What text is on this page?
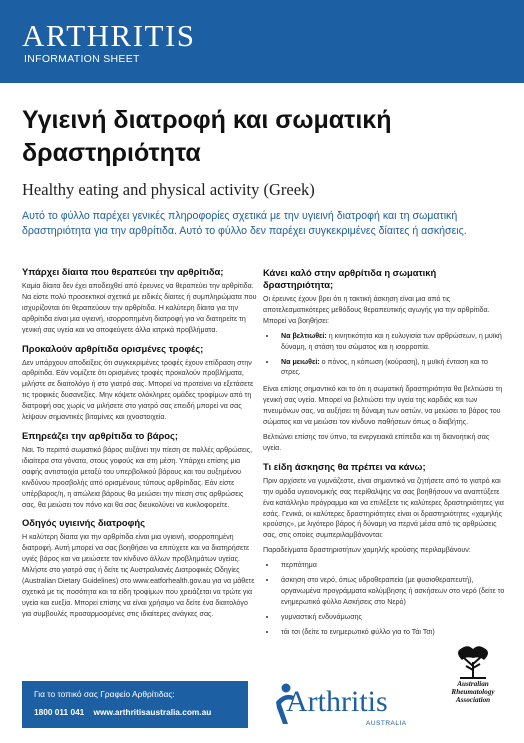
ARTHRITIS
INFORMATION SHEET
Υγιεινή διατροφή και σωματική δραστηριότητα
Healthy eating and physical activity (Greek)
Αυτό το φύλλο παρέχει γενικές πληροφορίες σχετικά με την υγιεινή διατροφή και τη σωματική δραστηριότητα για την αρθρίτιδα. Αυτό το φύλλο δεν παρέχει συγκεκριμένες δίαιτες ή ασκήσεις.
Υπάρχει δίαιτα που θεραπεύει την αρθρίτιδα;
Καμία δίαιτα δεν έχει αποδειχθεί από έρευνες να θεραπεύει την αρθρίτιδα. Να είστε πολύ προσεκτικοί σχετικά με ειδικές δίαιτες ή συμπληρώματα που ισχυρίζονται ότι θεραπεύουν την αρθρίτιδα. Η καλύτερη δίαιτα για την αρθρίτιδα είναι μια υγιεινή, ισορροπημένη διατροφή για να διατηρείτε τη γενική σας υγεία και να αποφεύγετε άλλα ιατρικά προβλήματα.
Προκαλούν αρθρίτιδα ορισμένες τροφές;
Δεν υπάρχουν αποδείξεις ότι συγκεκριμένες τροφές έχουν επίδραση στην αρθρίτιδα. Εάν νομίζετε ότι ορισμένες τροφές προκαλούν προβλήματα, μιλήστε σε διαιτολόγο ή στο γιατρό σας. Μπορεί να προτείνει να εξετάσετε τις τροφικές δυσανεξίες. Μην κόψετε ολόκληρες ομάδες τροφίμων από τη διατροφή σας χωρίς να μιλήσετε στο γιατρό σας επειδή μπορεί να σας λείψουν σημαντικές βιταμίνες και ιχνοστοιχεία.
Επηρεάζει την αρθρίτιδα το βάρος;
Ναι. Το περιττό σωματικό βάρος αυξάνει την πίεση σε πολλές αρθρώσεις, ιδιαίτερα στα γόνατα, στους γοφούς και στη μέση. Υπάρχει επίσης μια σαφής αντιστοιχία μεταξύ του υπερβολικού βάρους και του αυξημένου κινδύνου προσβολής από ορισμένους τύπους αρθρίτιδας. Εάν είστε υπέρβαρος/η, η απώλεια βάρους θα μειώσει την πίεση στις αρθρώσεις σας, θα μειώσει τον πόνο και θα σας διευκολύνει να κυκλοφορείτε.
Οδηγός υγιεινής διατροφής
Η καλύτερη δίαιτα για την αρθρίτιδα είναι μια υγιεινή, ισορροπημένη διατροφή. Αυτή μπορεί να σας βοηθήσει να επιτύχετε και να διατηρήσετε υγιές βάρος και να μειώσετε τον κίνδυνο άλλων προβλημάτων υγείας. Μιλήστε στο γιατρό σας ή δείτε τις Αυστραλιανές Διατροφικές Οδηγίες (Australian Dietary Guidelines) στο www.eatforhealth.gov.au για να μάθετε σχετικά με τις ποσότητα και τα είδη τροφίμων που χρειάζεται να τρώτε για υγεία και ευεξία. Μπορεί επίσης να είναι χρήσιμο να δείτε ένα διαιτολόγο για συμβουλές προσαρμοσμένες στις ιδιαίτερες ανάγκες σας.
Κάνει καλό στην αρθρίτιδα η σωματική δραστηριότητα;
Οι έρευνες έχουν βρει ότι η τακτική άσκηση είναι μια από τις αποτελεσματικότερες μεθόδους θεραπευτικής αγωγής για την αρθρίτιδα. Μπορεί να βοηθήσει:
• Να βελτιωθεί: η κινητικότητα και η ευλυγισία των αρθρώσεων, η μυϊκή δύναμη, η στάση του σώματος και η ισορροπία.
• Να μειωθεί: ο πόνος, η κόπωση (κούραση), η μυϊκή ένταση και το στρες.
Είναι επίσης σημαντικό και το ότι η σωματική δραστηριότητα θα βελτιώσει τη γενική σας υγεία. Μπορεί να βελτιώσει την υγεία της καρδιάς και των πνευμόνων σας, να αυξήσει τη δύναμη των οστών, να μειώσει το βάρος του σώματος και να μειώσει τον κίνδυνο παθήσεων όπως ο διαβήτης.
Βελτιώνει επίσης τον ύπνο, τα ενεργειακά επίπεδα και τη διανοητική σας υγεία.
Τι είδη άσκησης θα πρέπει να κάνω;
Πριν αρχίσετε να γυμνάζεστε, είναι σημαντικό να ζητήσετε από το γιατρό και την ομάδα υγειονομικής σας περίθαλψης να σας βοηθήσουν να αναπτύξετε ένα κατάλληλο πρόγραμμα και να επιλέξετε τις καλύτερες δραστηριότητες για εσάς. Γενικά, οι καλύτερες δραστηριότητες είναι οι δραστηριότητες «χαμηλής κρούσης», με λιγότερο βάρος ή δύναμη να περνά μέσα από τις αρθρώσεις σας, στις οποίες συμπεριλαμβάνονται:
Παραδείγματα δραστηριοτήτων χαμηλής κρούσης περιλαμβάνουν:
• περπάτημα
• άσκηση στο νερό, όπως υδροθεραπεία (με φυσιοθεραπευτή), οργανωμένα προγράμματα κολύμβησης ή ασκήσεων στο νερό (δείτε το ενημερωτικό φύλλο Ασκήσεις στο Νερό)
• γυμναστική ενδυνάμωσης
• τάι τσι (δείτε το ενημερωτικό φύλλο για το Τάι Τσι)
Για το τοπικό σας Γραφείο Αρθρίτιδας:
1800 011 041 www.arthritisaustralia.com.au Arthritis
AUSTRALIA
Australian
Rheumatology
Association
